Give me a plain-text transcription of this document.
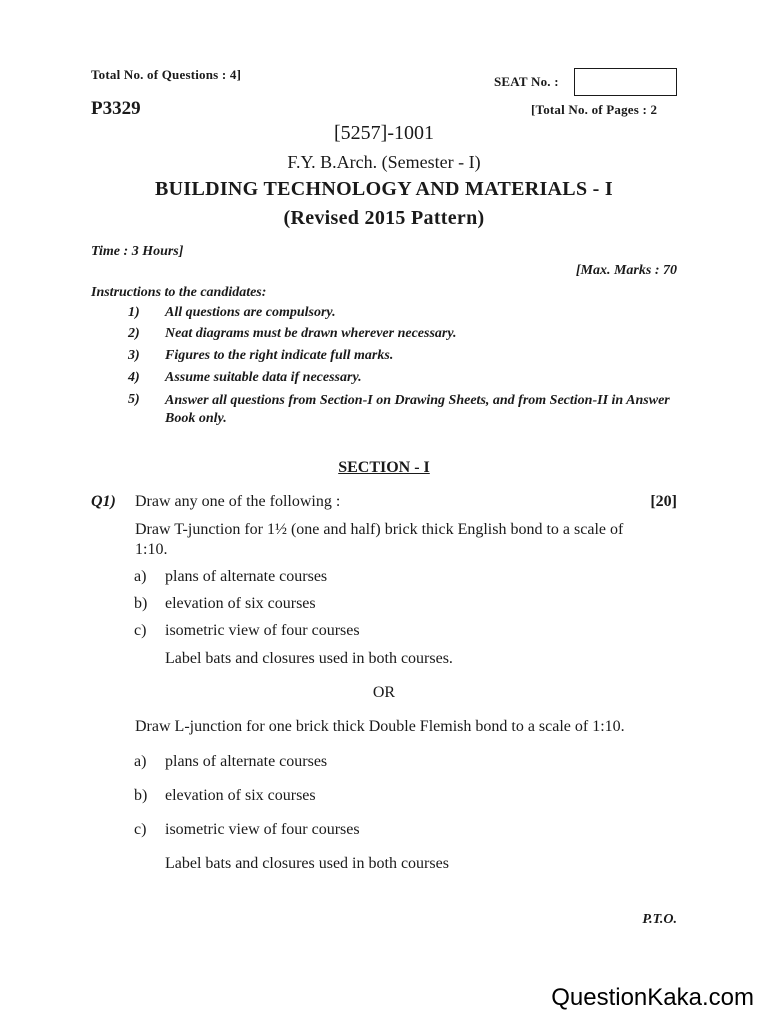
Total No. of Questions : 4]	SEAT No. :
P3329	[Total No. of Pages : 2
[5257]-1001
F.Y. B.Arch. (Semester - I)
BUILDING TECHNOLOGY AND MATERIALS - I
(Revised 2015 Pattern)
Time : 3 Hours]
[Max. Marks : 70
Instructions to the candidates:
1)	All questions are compulsory.
2)	Neat diagrams must be drawn wherever necessary.
3)	Figures to the right indicate full marks.
4)	Assume suitable data if necessary.
5)	Answer all questions from Section-I on Drawing Sheets, and from Section-II in Answer Book only.
SECTION - I
Q1) Draw any one of the following :	[20]
Draw T-junction for 1½ (one and half) brick thick English bond to a scale of
1:10.
a) plans of alternate courses
b) elevation of six courses
c) isometric view of four courses
Label bats and closures used in both courses.
OR
Draw L-junction for one brick thick Double Flemish bond to a scale of 1:10.
a) plans of alternate courses
b) elevation of six courses
c) isometric view of four courses
Label bats and closures used in both courses
P.T.O.
QuestionKaka.com
